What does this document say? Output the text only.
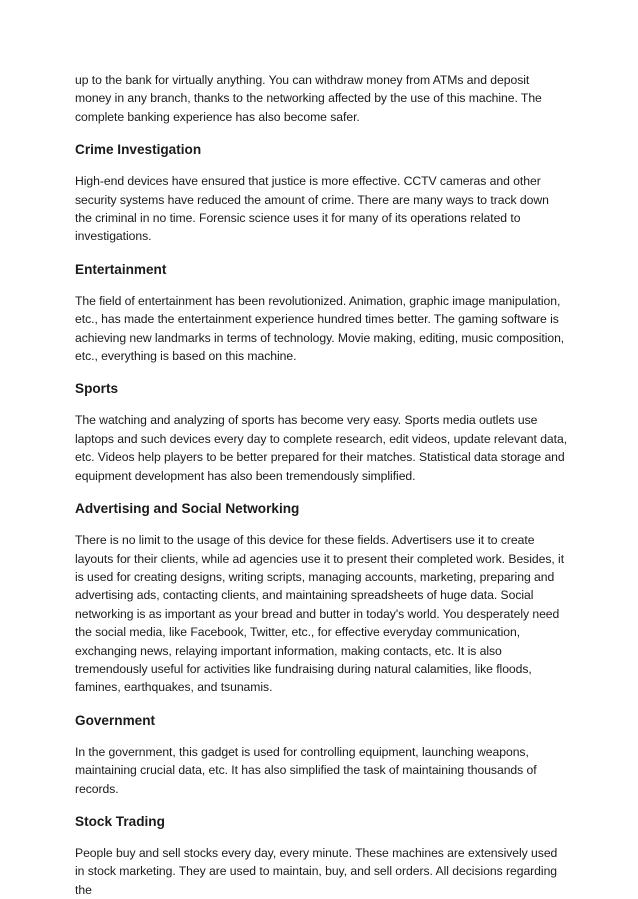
up to the bank for virtually anything. You can withdraw money from ATMs and deposit money in any branch, thanks to the networking affected by the use of this machine. The complete banking experience has also become safer.

Crime Investigation

High-end devices have ensured that justice is more effective. CCTV cameras and other security systems have reduced the amount of crime. There are many ways to track down the criminal in no time. Forensic science uses it for many of its operations related to investigations.

Entertainment

The field of entertainment has been revolutionized. Animation, graphic image manipulation, etc., has made the entertainment experience hundred times better. The gaming software is achieving new landmarks in terms of technology. Movie making, editing, music composition, etc., everything is based on this machine.

Sports

The watching and analyzing of sports has become very easy. Sports media outlets use laptops and such devices every day to complete research, edit videos, update relevant data, etc. Videos help players to be better prepared for their matches. Statistical data storage and equipment development has also been tremendously simplified.

Advertising and Social Networking

There is no limit to the usage of this device for these fields. Advertisers use it to create layouts for their clients, while ad agencies use it to present their completed work. Besides, it is used for creating designs, writing scripts, managing accounts, marketing, preparing and advertising ads, contacting clients, and maintaining spreadsheets of huge data. Social networking is as important as your bread and butter in today's world. You desperately need the social media, like Facebook, Twitter, etc., for effective everyday communication, exchanging news, relaying important information, making contacts, etc. It is also tremendously useful for activities like fundraising during natural calamities, like floods, famines, earthquakes, and tsunamis.

Government

In the government, this gadget is used for controlling equipment, launching weapons, maintaining crucial data, etc. It has also simplified the task of maintaining thousands of records.

Stock Trading

People buy and sell stocks every day, every minute. These machines are extensively used in stock marketing. They are used to maintain, buy, and sell orders. All decisions regarding the
